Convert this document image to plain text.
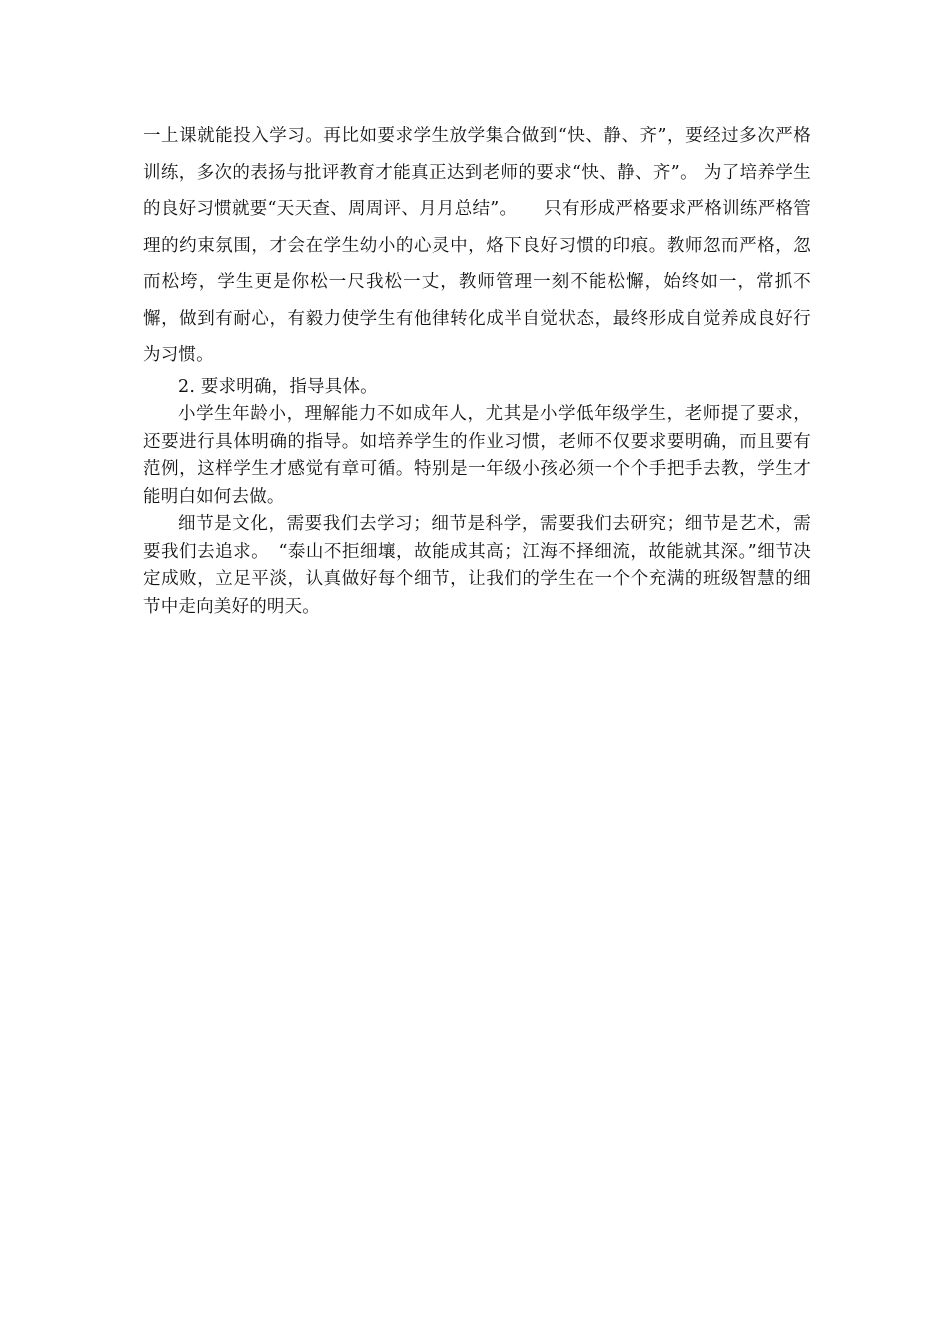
一上课就能投入学习。再比如要求学生放学集合做到“快、静、齐”，要经过多次严格训练，多次的表扬与批评教育才能真正达到老师的要求“快、静、齐”。 为了培养学生的良好习惯就要“天天查、周周评、月月总结”。　　只有形成严格要求严格训练严格管理的约束氛围，才会在学生幼小的心灵中，烙下良好习惯的印痕。教师忽而严格，忽而松垮，学生更是你松一尺我松一丈，教师管理一刻不能松懈，始终如一，常抓不懈，做到有耐心，有毅力使学生有他律转化成半自觉状态，最终形成自觉养成良好行为习惯。

2. 要求明确，指导具体。

小学生年龄小，理解能力不如成年人，尤其是小学低年级学生，老师提了要求，还要进行具体明确的指导。如培养学生的作业习惯，老师不仅要求要明确，而且要有范例，这样学生才感觉有章可循。特别是一年级小孩必须一个个手把手去教，学生才能明白如何去做。

细节是文化，需要我们去学习；细节是科学，需要我们去研究；细节是艺术，需要我们去追求。　“泰山不拒细壤，故能成其高；江海不择细流，故能就其深。”细节决定成败，立足平淡，认真做好每个细节，让我们的学生在一个个充满的班级智慧的细节中走向美好的明天。
